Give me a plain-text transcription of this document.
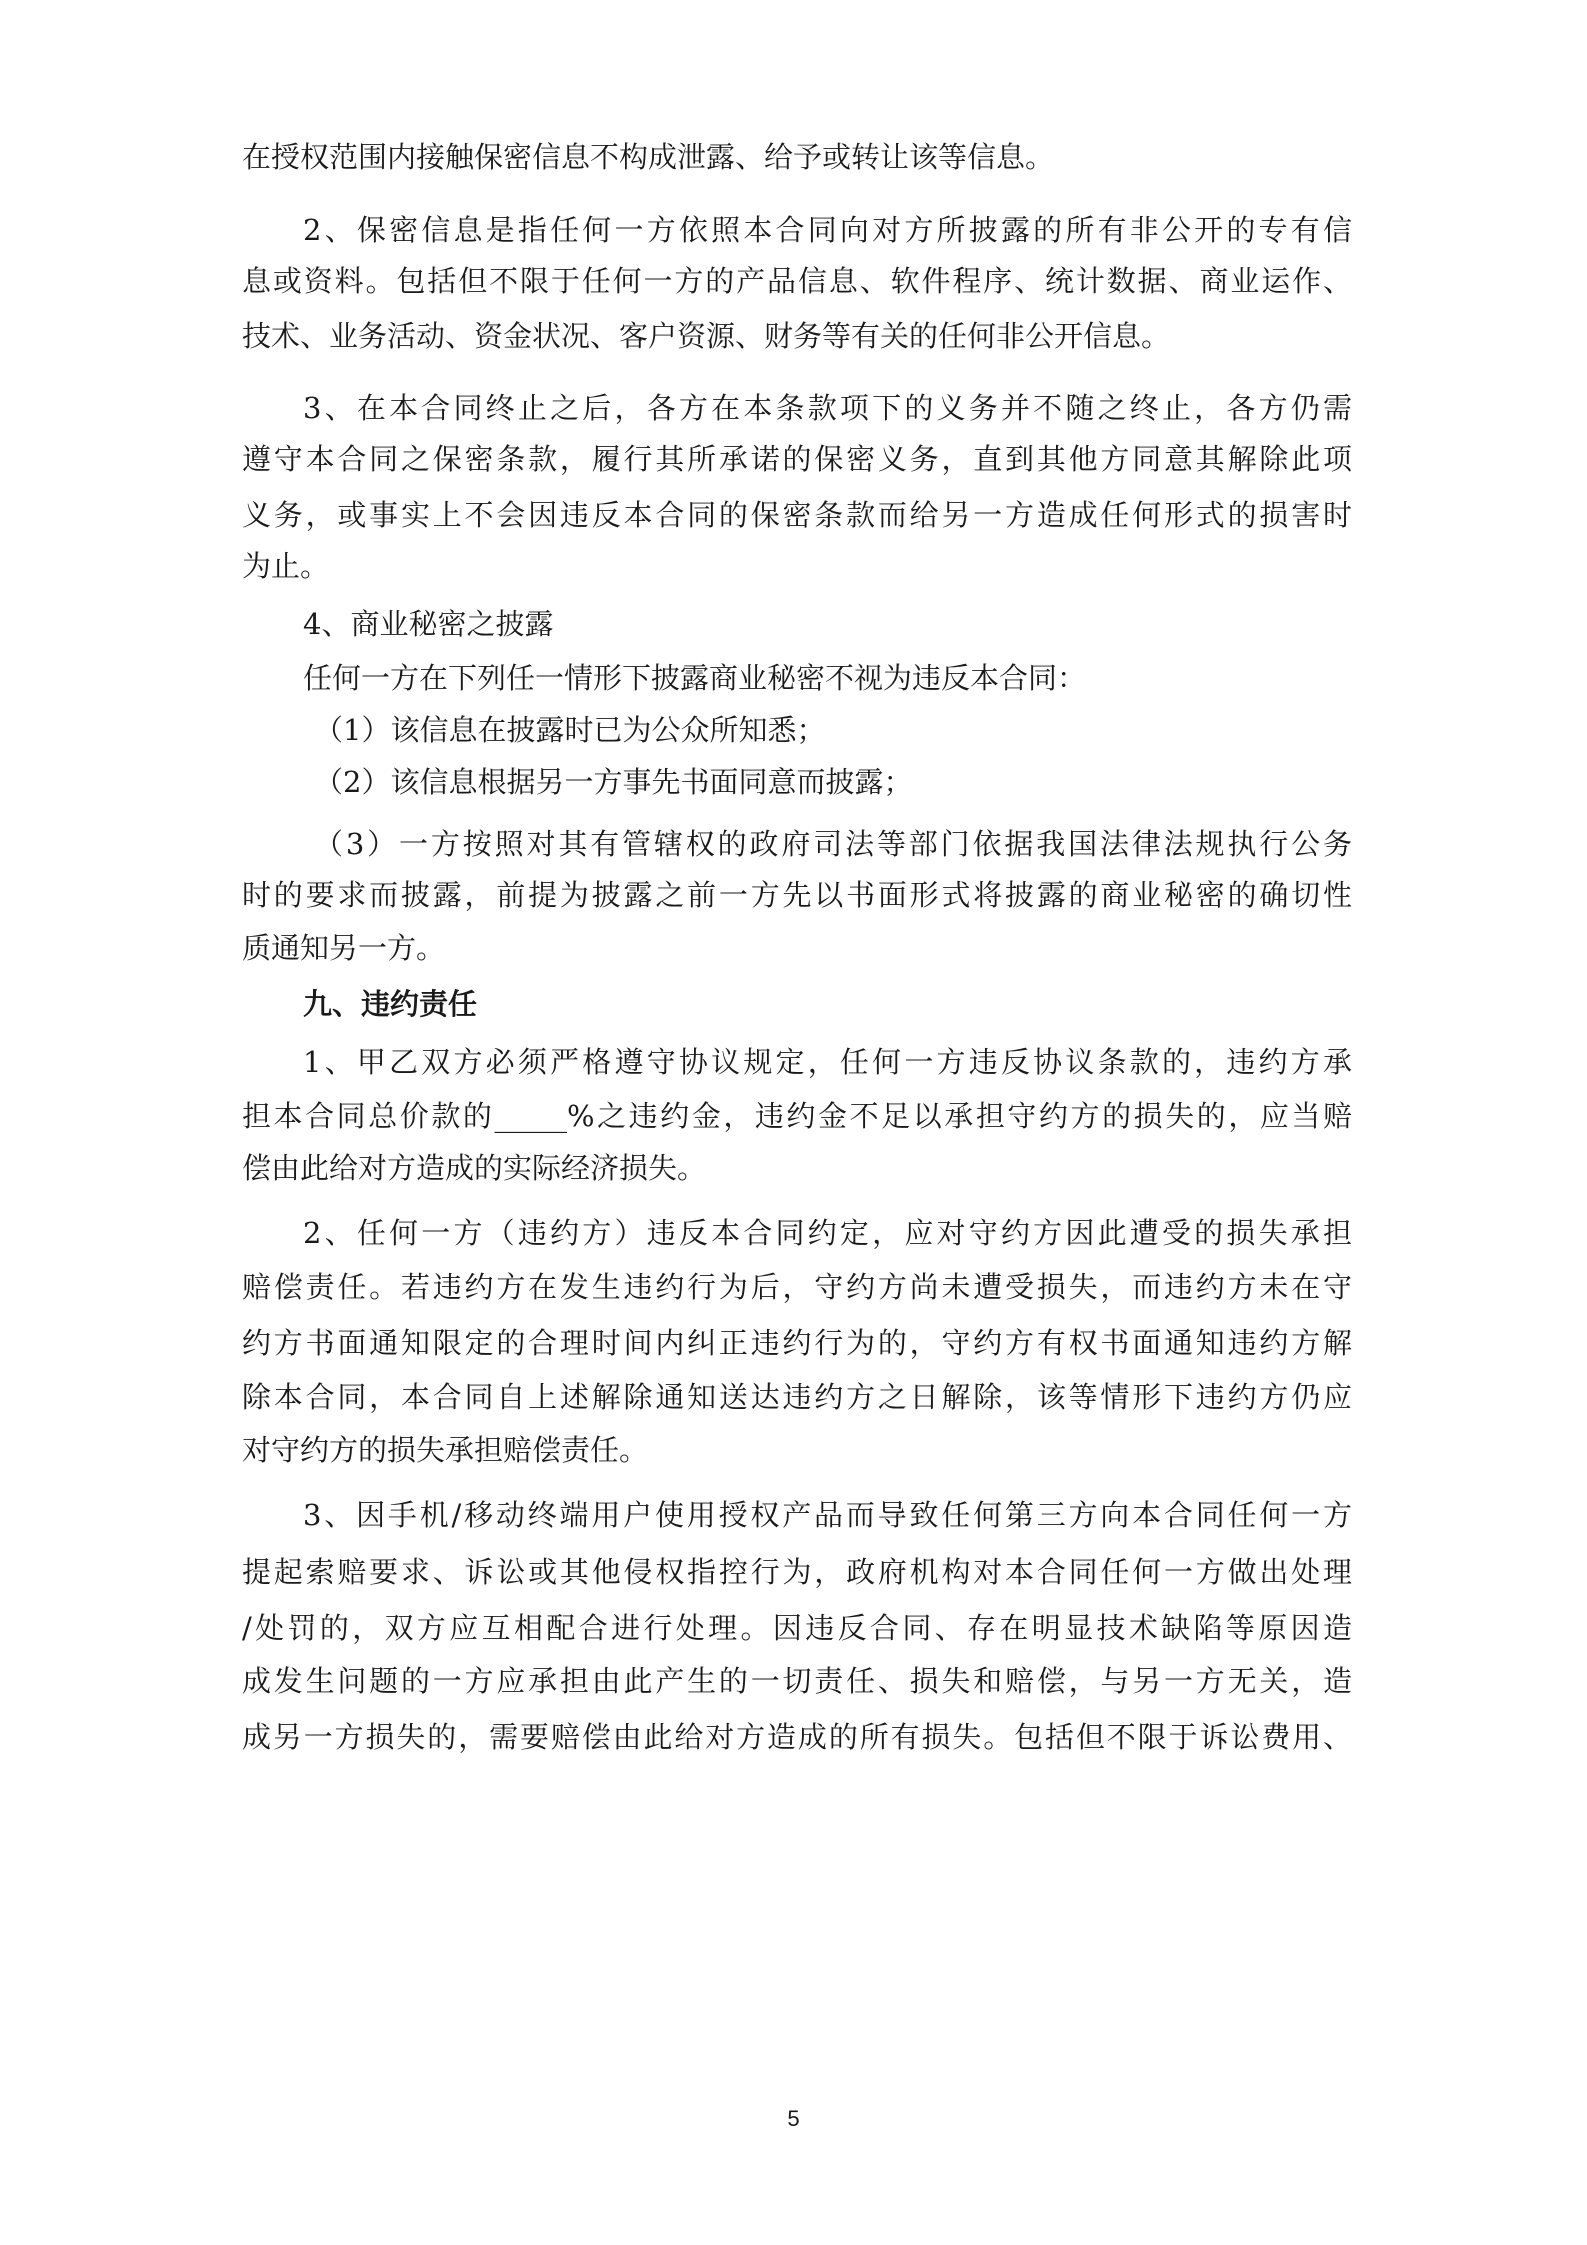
在授权范围内接触保密信息不构成泄露、给予或转让该等信息。
2、保密信息是指任何一方依照本合同向对方所披露的所有非公开的专有信
息或资料。包括但不限于任何一方的产品信息、软件程序、统计数据、商业运作、
技术、业务活动、资金状况、客户资源、财务等有关的任何非公开信息。
3、在本合同终止之后，各方在本条款项下的义务并不随之终止，各方仍需
遵守本合同之保密条款，履行其所承诺的保密义务，直到其他方同意其解除此项
义务，或事实上不会因违反本合同的保密条款而给另一方造成任何形式的损害时
为止。
4、商业秘密之披露
任何一方在下列任一情形下披露商业秘密不视为违反本合同：
（1）该信息在披露时已为公众所知悉；
（2）该信息根据另一方事先书面同意而披露；
（3）一方按照对其有管辖权的政府司法等部门依据我国法律法规执行公务
时的要求而披露，前提为披露之前一方先以书面形式将披露的商业秘密的确切性
质通知另一方。
九、违约责任
1、甲乙双方必须严格遵守协议规定，任何一方违反协议条款的，违约方承
担本合同总价款的_____%之违约金，违约金不足以承担守约方的损失的，应当赔
偿由此给对方造成的实际经济损失。
2、任何一方（违约方）违反本合同约定，应对守约方因此遭受的损失承担
赔偿责任。若违约方在发生违约行为后，守约方尚未遭受损失，而违约方未在守
约方书面通知限定的合理时间内纠正违约行为的，守约方有权书面通知违约方解
除本合同，本合同自上述解除通知送达违约方之日解除，该等情形下违约方仍应
对守约方的损失承担赔偿责任。
3、因手机/移动终端用户使用授权产品而导致任何第三方向本合同任何一方
提起索赔要求、诉讼或其他侵权指控行为，政府机构对本合同任何一方做出处理
/处罚的，双方应互相配合进行处理。因违反合同、存在明显技术缺陷等原因造
成发生问题的一方应承担由此产生的一切责任、损失和赔偿，与另一方无关，造
成另一方损失的，需要赔偿由此给对方造成的所有损失。包括但不限于诉讼费用、
5
